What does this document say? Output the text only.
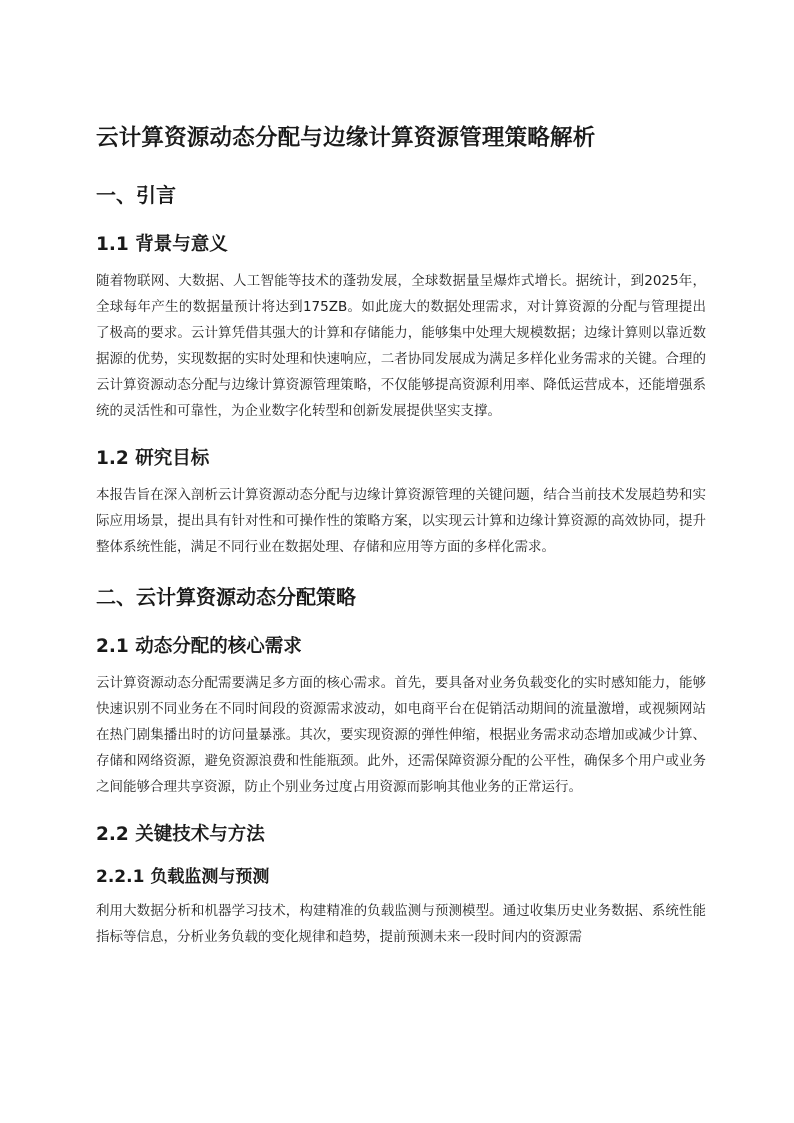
云计算资源动态分配与边缘计算资源管理策略解析
一、引言
1.1 背景与意义

随着物联网、大数据、人工智能等技术的蓬勃发展，全球数据量呈爆炸式增长。据统计，到2025年，全球每年产生的数据量预计将达到175ZB。如此庞大的数据处理需求，对计算资源的分配与管理提出了极高的要求。云计算凭借其强大的计算和存储能力，能够集中处理大规模数据；边缘计算则以靠近数据源的优势，实现数据的实时处理和快速响应，二者协同发展成为满足多样化业务需求的关键。合理的云计算资源动态分配与边缘计算资源管理策略，不仅能够提高资源利用率、降低运营成本，还能增强系统的灵活性和可靠性，为企业数字化转型和创新发展提供坚实支撑。

1.2 研究目标

本报告旨在深入剖析云计算资源动态分配与边缘计算资源管理的关键问题，结合当前技术发展趋势和实际应用场景，提出具有针对性和可操作性的策略方案，以实现云计算和边缘计算资源的高效协同，提升整体系统性能，满足不同行业在数据处理、存储和应用等方面的多样化需求。

二、云计算资源动态分配策略
2.1 动态分配的核心需求

云计算资源动态分配需要满足多方面的核心需求。首先，要具备对业务负载变化的实时感知能力，能够快速识别不同业务在不同时间段的资源需求波动，如电商平台在促销活动期间的流量激增，或视频网站在热门剧集播出时的访问量暴涨。其次，要实现资源的弹性伸缩，根据业务需求动态增加或减少计算、存储和网络资源，避免资源浪费和性能瓶颈。此外，还需保障资源分配的公平性，确保多个用户或业务之间能够合理共享资源，防止个别业务过度占用资源而影响其他业务的正常运行。

2.2 关键技术与方法
2.2.1 负载监测与预测

利用大数据分析和机器学习技术，构建精准的负载监测与预测模型。通过收集历史业务数据、系统性能指标等信息，分析业务负载的变化规律和趋势，提前预测未来一段时间内的资源需
